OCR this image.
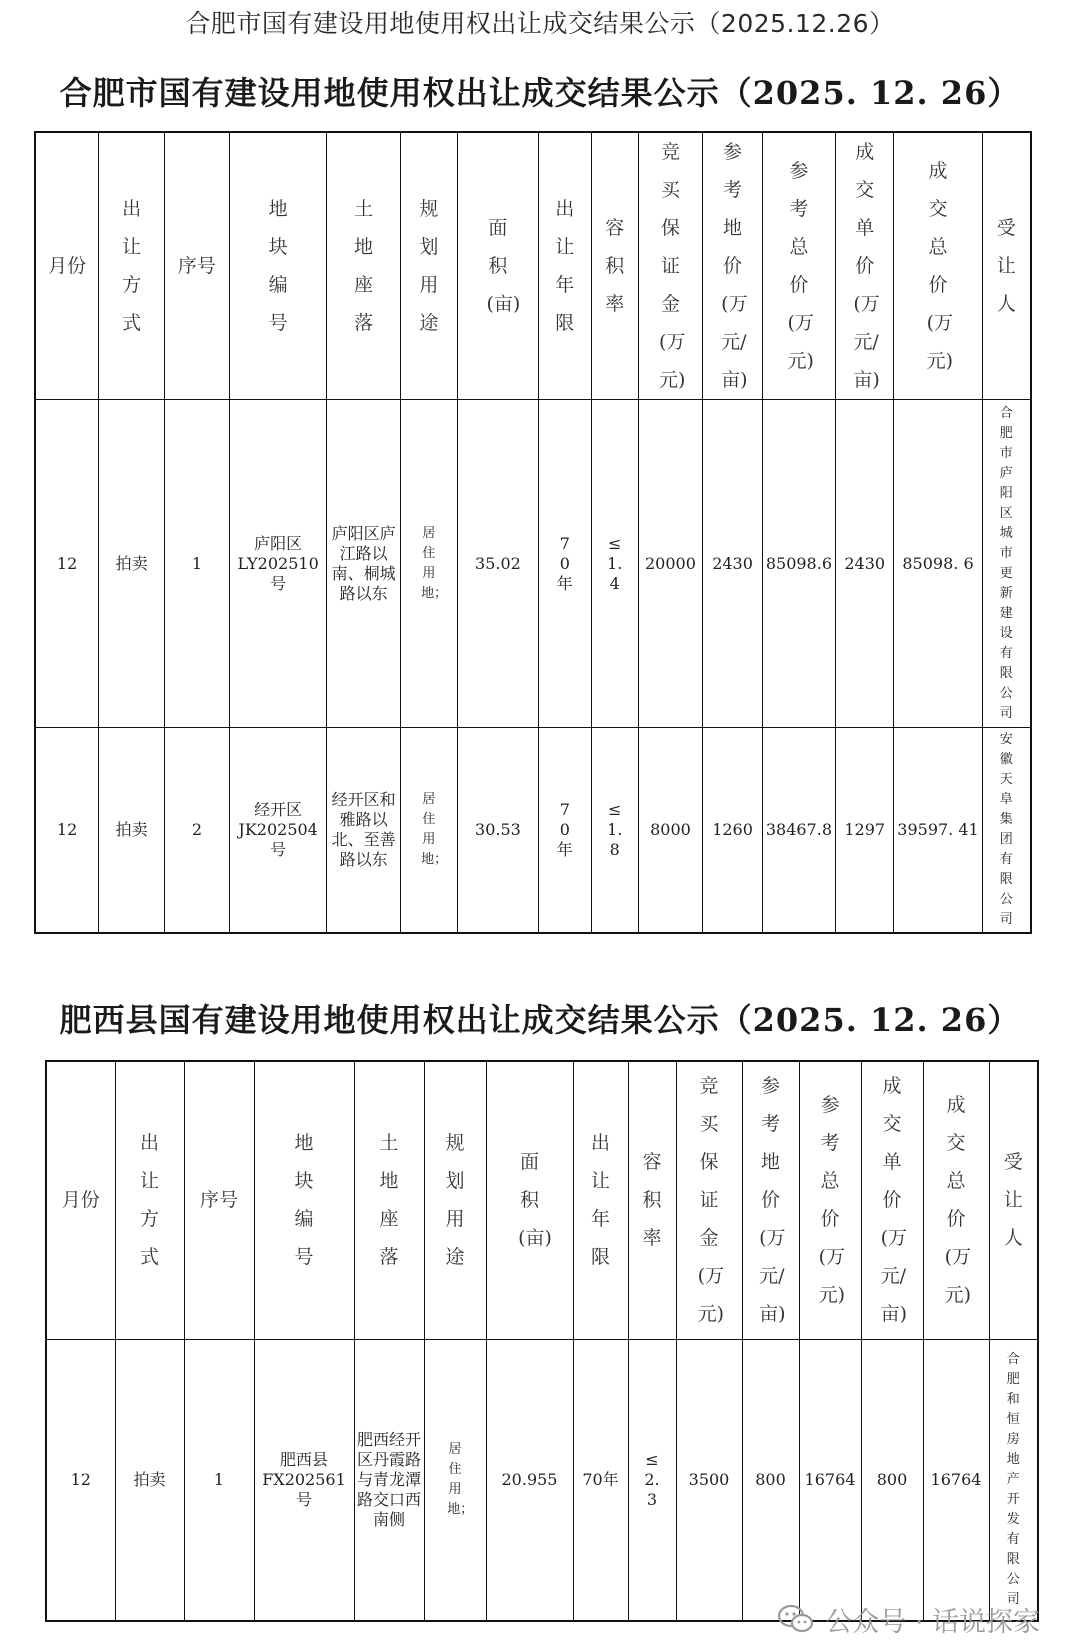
合肥市国有建设用地使用权出让成交结果公示（2025.12.26）
合肥市国有建设用地使用权出让成交结果公示（2025. 12. 26）
月份	出让方式	序号	地块编号	土地座落	规划用途	面积(亩)	出让年限	容积率	竞买保证金(万元)	参考地价(万元/亩)	参考总价(万元)	成交单价(万元/亩)	成交总价(万元)	受让人

12	拍卖	1	庐阳区LY202510号	庐阳区庐江路以南、桐城路以东	居住用地；	35.02	70年	≤1.4	20000	2430	85098.6	2430	85098. 6	合肥市庐阳区城市更新建设有限公司

12	拍卖	2	经开区JK202504号	经开区和雅路以北、至善路以东	居住用地；	30.53	70年	≤1.8	8000	1260	38467.8	1297	39597. 41	安徽天阜集团有限公司
肥西县国有建设用地使用权出让成交结果公示（2025. 12. 26）
月份	出让方式	序号	地块编号	土地座落	规划用途	面积(亩)	出让年限	容积率	竞买保证金(万元)	参考地价(万元/亩)	参考总价(万元)	成交单价(万元/亩)	成交总价(万元)	受让人

12	拍卖	1	肥西县FX202561号	肥西经开区丹霞路与青龙潭路交口西南侧	居住用地；	20.955	70年	≤2.3	3500	800	16764	800	16764	合肥和恒房地产开发有限公司
公众号 · 话说探家
